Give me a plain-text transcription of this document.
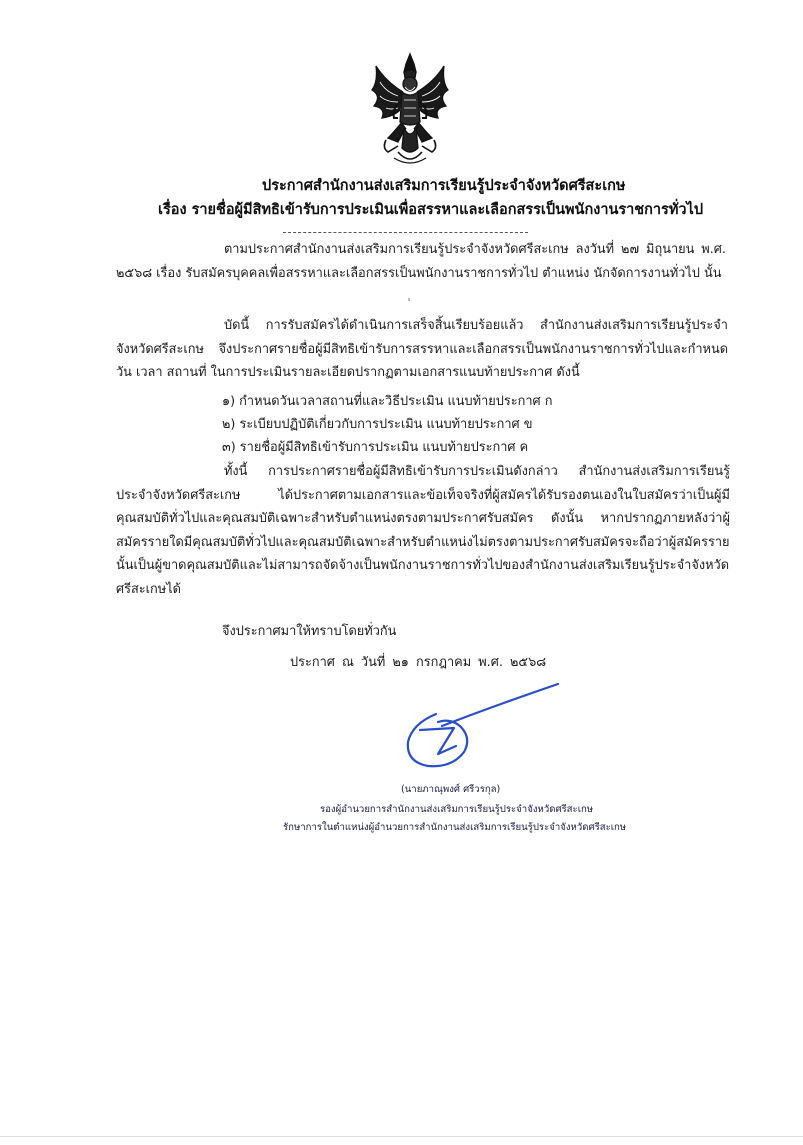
ประกาศสำนักงานส่งเสริมการเรียนรู้ประจำจังหวัดศรีสะเกษ
เรื่อง รายชื่อผู้มีสิทธิเข้ารับการประเมินเพื่อสรรหาและเลือกสรรเป็นพนักงานราชการทั่วไป
ตามประกาศสำนักงานส่งเสริมการเรียนรู้ประจำจังหวัดศรีสะเกษ ลงวันที่ ๒๗ มิถุนายน พ.ศ. ๒๕๖๘ เรื่อง รับสมัครบุคคลเพื่อสรรหาและเลือกสรรเป็นพนักงานราชการทั่วไป ตำแหน่ง นักจัดการงานทั่วไป นั้น
บัดนี้ การรับสมัครได้ดำเนินการเสร็จสิ้นเรียบร้อยแล้ว สำนักงานส่งเสริมการเรียนรู้ประจำจังหวัดศรีสะเกษ จึงประกาศรายชื่อผู้มีสิทธิเข้ารับการสรรหาและเลือกสรรเป็นพนักงานราชการทั่วไปและกำหนดวัน เวลา สถานที่ ในการประเมินรายละเอียดปรากฏตามเอกสารแนบท้ายประกาศ ดังนี้
๑) กำหนดวันเวลาสถานที่และวิธีประเมิน แนบท้ายประกาศ ก
๒) ระเบียบปฏิบัติเกี่ยวกับการประเมิน แนบท้ายประกาศ ข
๓) รายชื่อผู้มีสิทธิเข้ารับการประเมิน แนบท้ายประกาศ ค
ทั้งนี้ การประกาศรายชื่อผู้มีสิทธิเข้ารับการประเมินดังกล่าว สำนักงานส่งเสริมการเรียนรู้ประจำจังหวัดศรีสะเกษ ได้ประกาศตามเอกสารและข้อเท็จจริงที่ผู้สมัครได้รับรองตนเองในใบสมัครว่าเป็นผู้มีคุณสมบัติทั่วไปและคุณสมบัติเฉพาะสำหรับตำแหน่งตรงตามประกาศรับสมัคร ดังนั้น หากปรากฏภายหลังว่าผู้สมัครรายใดมีคุณสมบัติทั่วไปและคุณสมบัติเฉพาะสำหรับตำแหน่งไม่ตรงตามประกาศรับสมัครจะถือว่าผู้สมัครรายนั้นเป็นผู้ขาดคุณสมบัติและไม่สามารถจัดจ้างเป็นพนักงานราชการทั่วไปของสำนักงานส่งเสริมเรียนรู้ประจำจังหวัดศรีสะเกษได้
จึงประกาศมาให้ทราบโดยทั่วกัน
ประกาศ ณ วันที่ ๒๑ กรกฎาคม พ.ศ. ๒๕๖๘
(นายภาณุพงศ์ ศรีวรกุล)
รองผู้อำนวยการสำนักงานส่งเสริมการเรียนรู้ประจำจังหวัดศรีสะเกษ
รักษาการในตำแหน่งผู้อำนวยการสำนักงานส่งเสริมการเรียนรู้ประจำจังหวัดศรีสะเกษ
